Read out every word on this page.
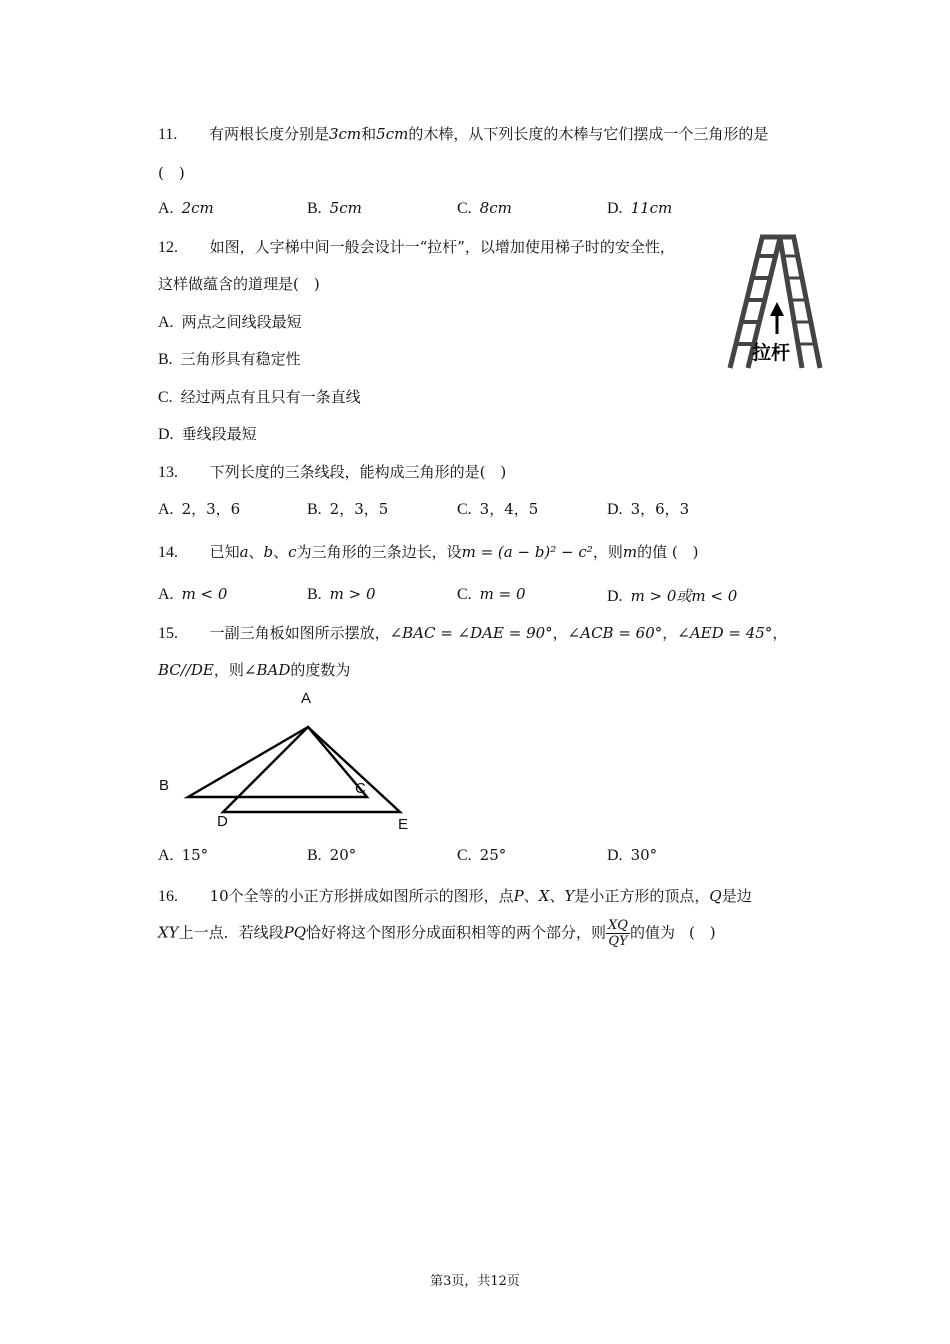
11. 有两根长度分别是3cm和5cm的木棒，从下列长度的木棒与它们摆成一个三角形的是
(　)
A. 2cm	B. 5cm	C. 8cm	D. 11cm
12. 如图，人字梯中间一般会设计一“拉杆”，以增加使用梯子时的安全性，
这样做蕴含的道理是(　)
A. 两点之间线段最短
B. 三角形具有稳定性
C. 经过两点有且只有一条直线
D. 垂线段最短
拉杆
13. 下列长度的三条线段，能构成三角形的是(　)
A. 2，3，6	B. 2，3，5	C. 3，4，5	D. 3，6，3
14. 已知a、b、c为三角形的三条边长，设m = (a − b)² − c²，则m的值 (　)
A. m < 0	B. m > 0	C. m = 0	D. m > 0或m < 0
15. 一副三角板如图所示摆放，∠BAC = ∠DAE = 90°，∠ACB = 60°，∠AED = 45°，
BC//DE，则∠BAD的度数为
A
B	C
D	E
A. 15°	B. 20°	C. 25°	D. 30°
16. 10个全等的小正方形拼成如图所示的图形，点P、X、Y是小正方形的顶点，Q是边
XY上一点．若线段PQ恰好将这个图形分成面积相等的两个部分，则 $\frac{XQ}{QY}$ 的值为 (　)
第3页，共12页
